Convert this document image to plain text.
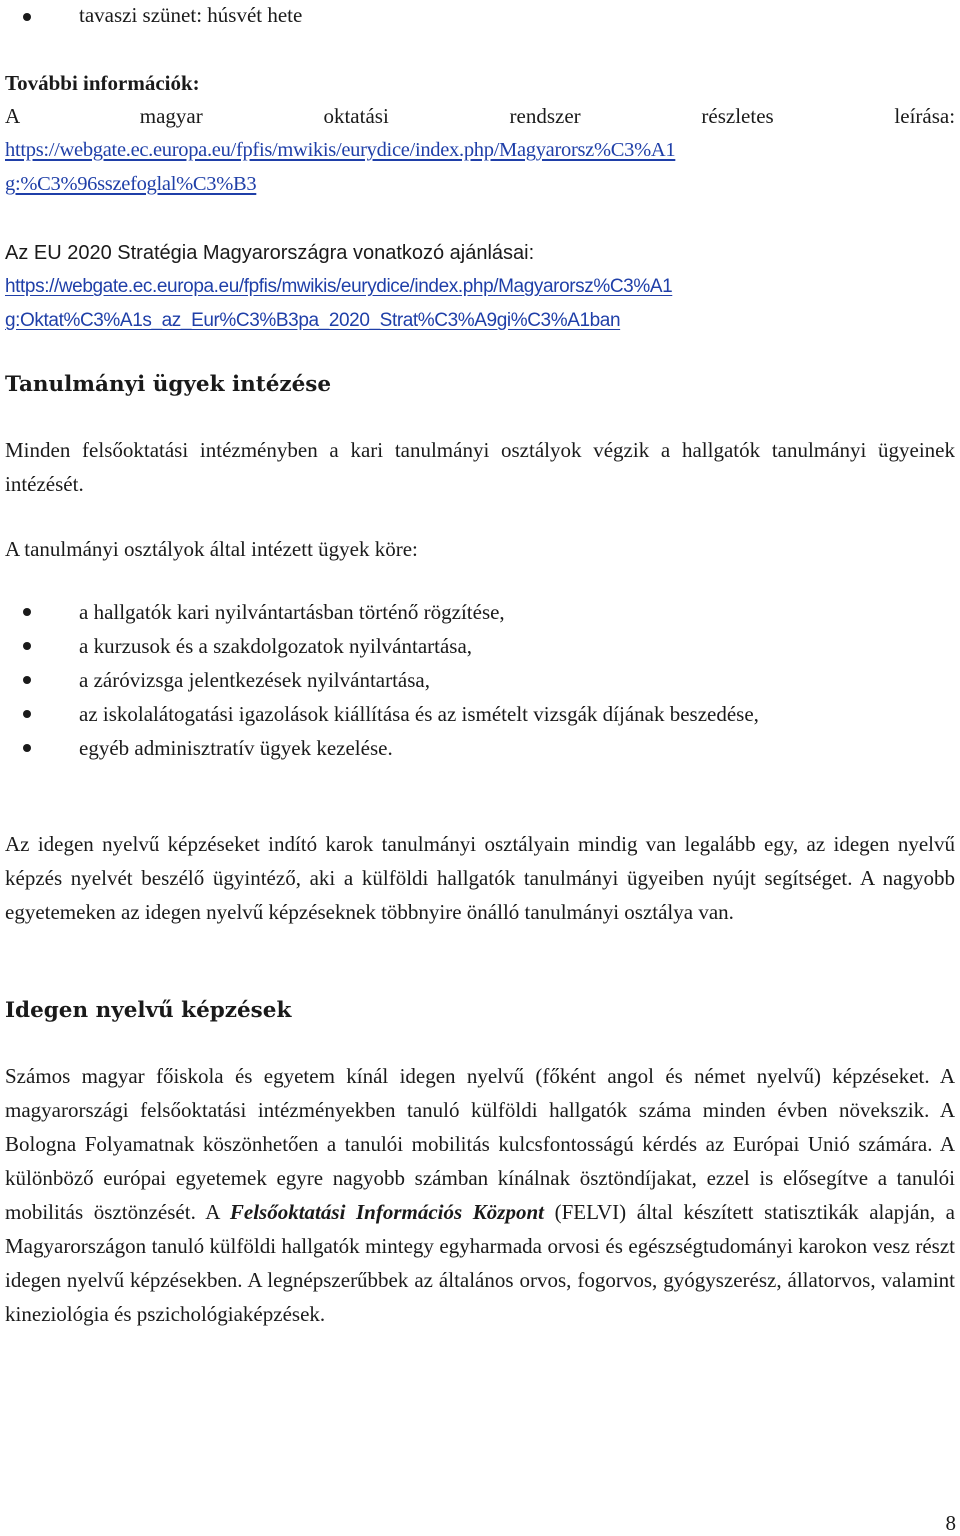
tavaszi szünet: húsvét hete
További információk:
A	magyar	oktatási	rendszer	részletes	leírása:
https://webgate.ec.europa.eu/fpfis/mwikis/eurydice/index.php/Magyarorsz%C3%A1
g:%C3%96sszefoglal%C3%B3
Az EU 2020 Stratégia Magyarországra vonatkozó ajánlásai:
https://webgate.ec.europa.eu/fpfis/mwikis/eurydice/index.php/Magyarorsz%C3%A1
g:Oktat%C3%A1s_az_Eur%C3%B3pa_2020_Strat%C3%A9gi%C3%A1ban
Tanulmányi ügyek intézése

Minden felsőoktatási intézményben a kari tanulmányi osztályok végzik a hallgatók tanulmányi ügyeinek intézését.

A tanulmányi osztályok által intézett ügyek köre:

a hallgatók kari nyilvántartásban történő rögzítése,
a kurzusok és a szakdolgozatok nyilvántartása,
a záróvizsga jelentkezések nyilvántartása,
az iskolalátogatási igazolások kiállítása és az ismételt vizsgák díjának beszedése,
egyéb adminisztratív ügyek kezelése.

Az idegen nyelvű képzéseket indító karok tanulmányi osztályain mindig van legalább egy, az idegen nyelvű képzés nyelvét beszélő ügyintéző, aki a külföldi hallgatók tanulmányi ügyeiben nyújt segítséget. A nagyobb egyetemeken az idegen nyelvű képzéseknek többnyire önálló tanulmányi osztálya van.

Idegen nyelvű képzések

Számos magyar főiskola és egyetem kínál idegen nyelvű (főként angol és német nyelvű) képzéseket. A magyarországi felsőoktatási intézményekben tanuló külföldi hallgatók száma minden évben növekszik. A Bologna Folyamatnak köszönhetően a tanulói mobilitás kulcsfontosságú kérdés az Európai Unió számára. A különböző európai egyetemek egyre nagyobb számban kínálnak ösztöndíjakat, ezzel is elősegítve a tanulói mobilitás ösztönzését. A Felsőoktatási Információs Központ (FELVI) által készített statisztikák alapján, a Magyarországon tanuló külföldi hallgatók mintegy egyharmada orvosi és egészségtudományi karokon vesz részt idegen nyelvű képzésekben. A legnépszerűbbek az általános orvos, fogorvos, gyógyszerész, állatorvos, valamint kineziológia és pszichológiaképzések.

8
